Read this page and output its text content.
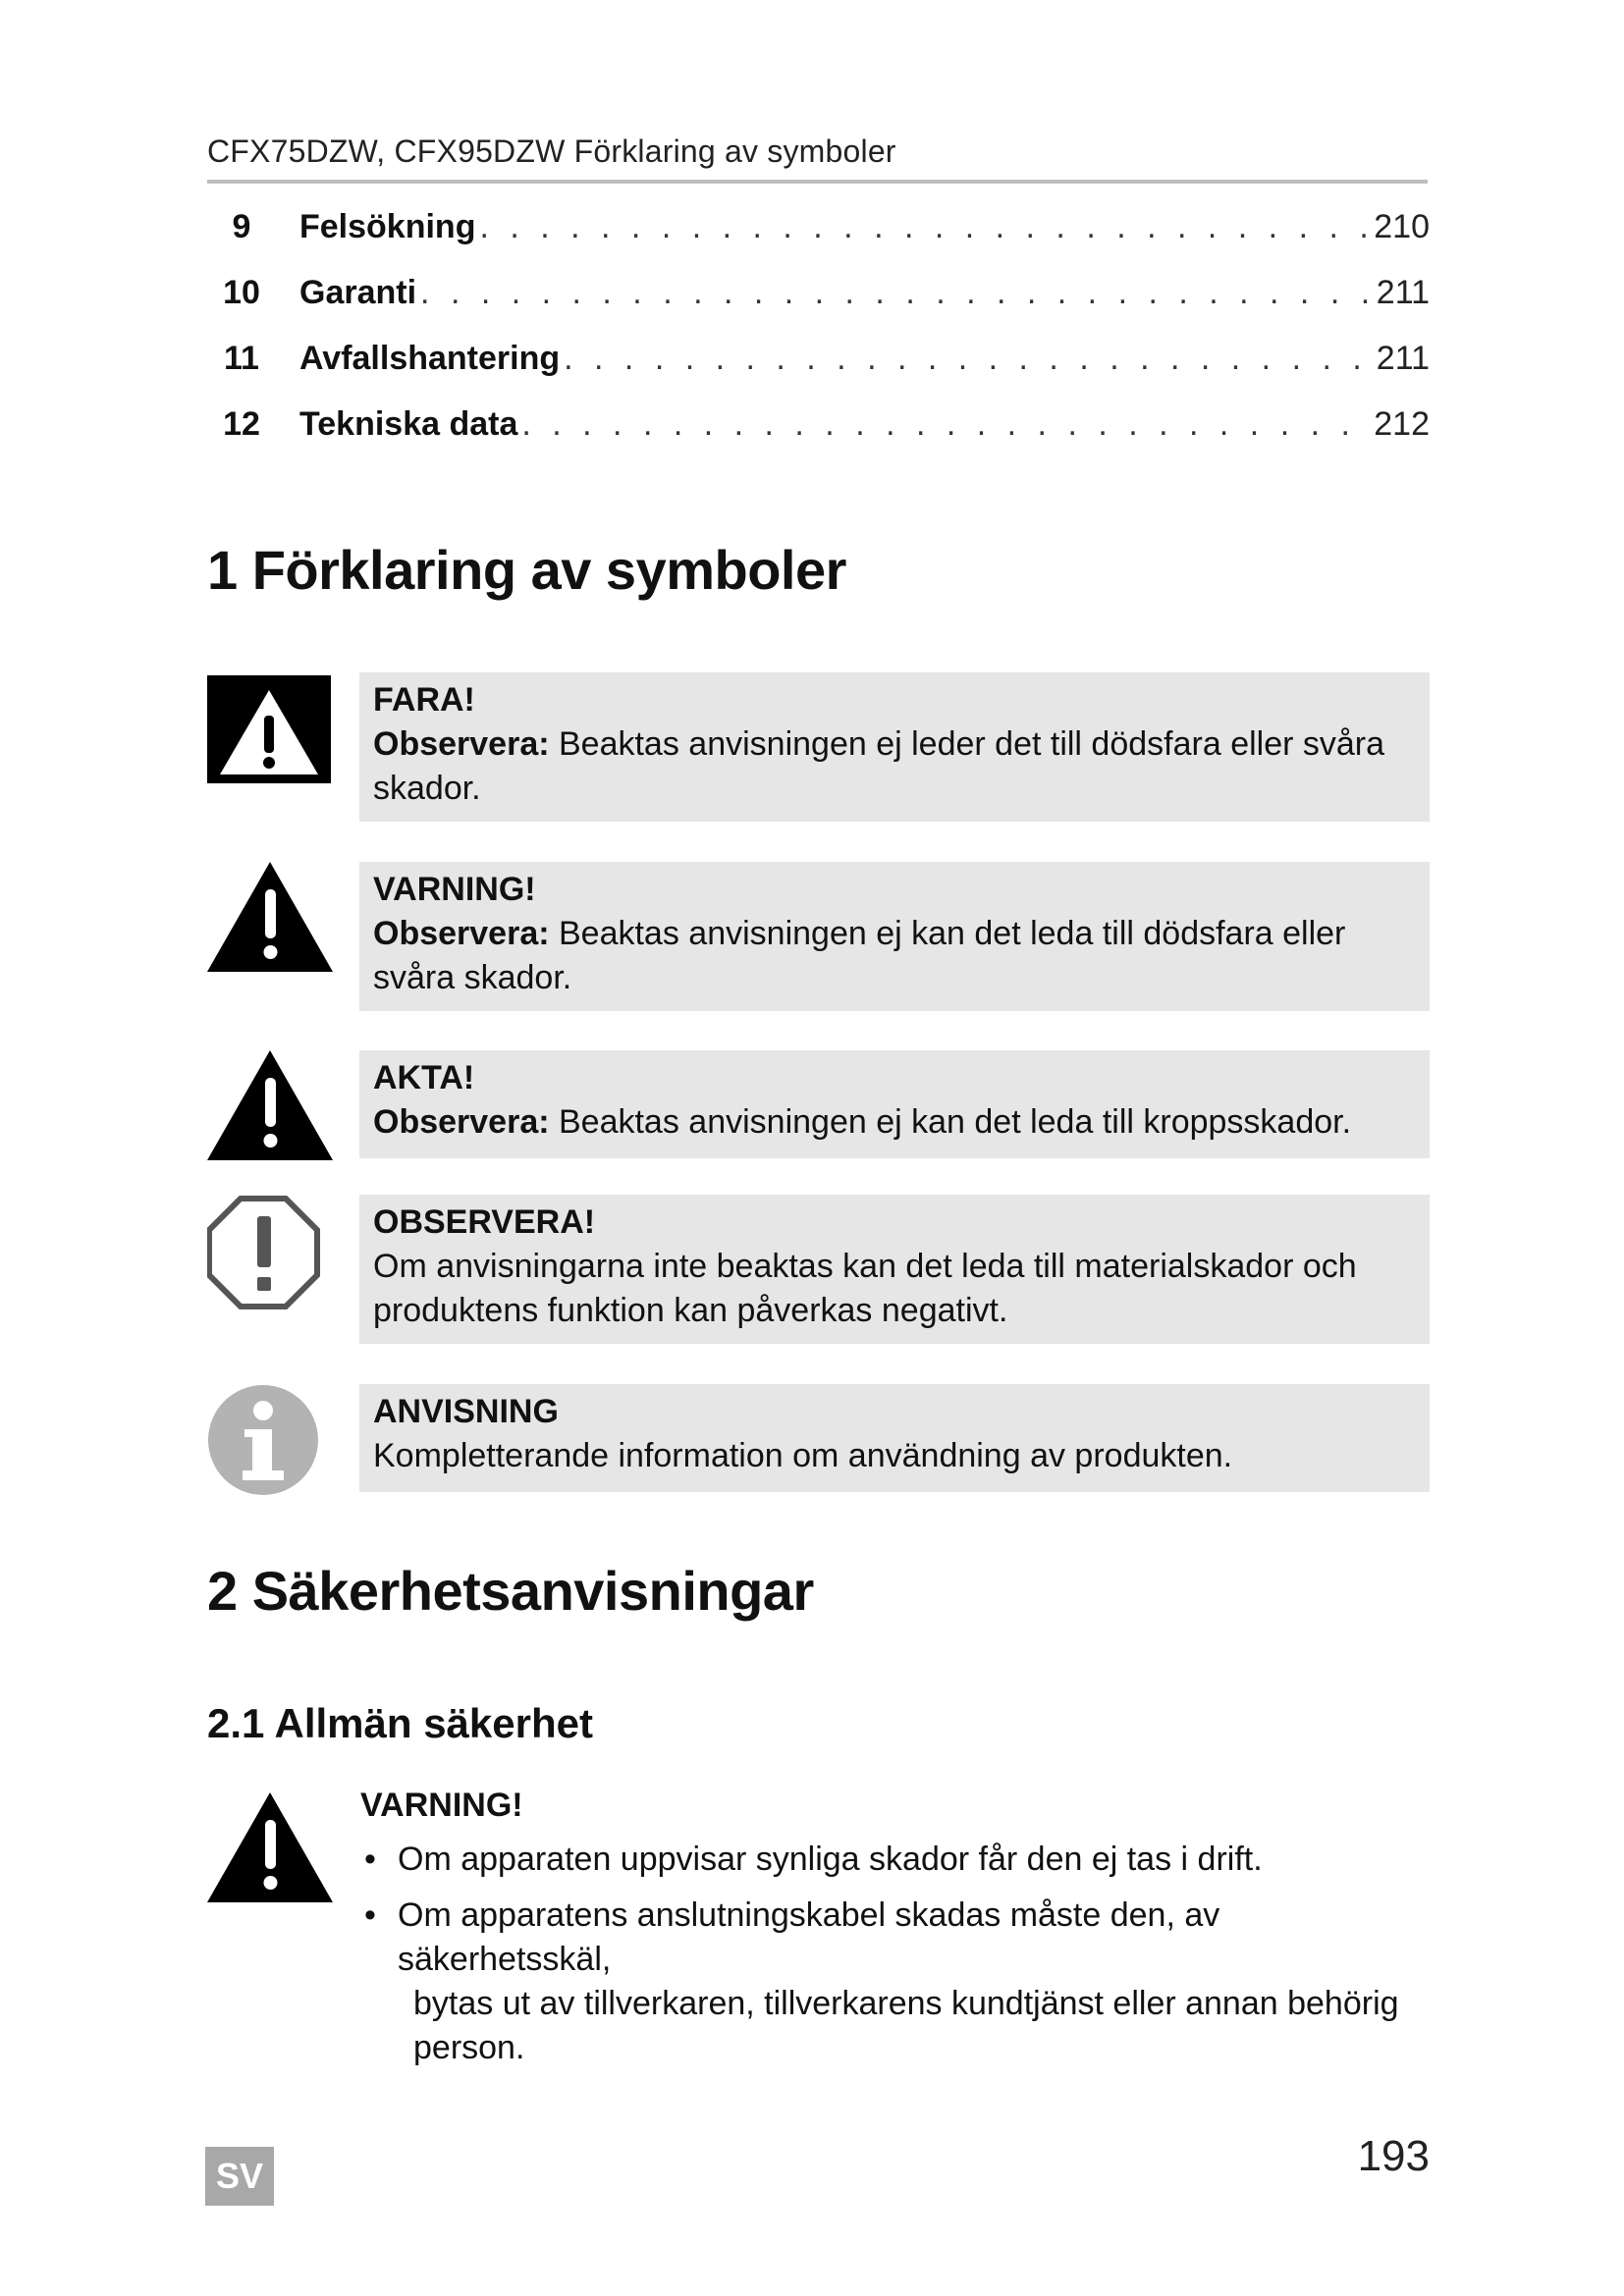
CFX75DZW, CFX95DZW Förklaring av symboler
9	Felsökning . . .	210
10	Garanti . . .	211
11	Avfallshantering . . .	211
12	Tekniska data . . .	212
1 Förklaring av symboler
FARA!
Observera: Beaktas anvisningen ej leder det till dödsfara eller svåra skador.
VARNING!
Observera: Beaktas anvisningen ej kan det leda till dödsfara eller svåra skador.
AKTA!
Observera: Beaktas anvisningen ej kan det leda till kroppsskador.
OBSERVERA!
Om anvisningarna inte beaktas kan det leda till materialskador och produktens funktion kan påverkas negativt.
ANVISNING
Kompletterande information om användning av produkten.
2 Säkerhetsanvisningar
2.1 Allmän säkerhet
VARNING!
• Om apparaten uppvisar synliga skador får den ej tas i drift.
• Om apparatens anslutningskabel skadas måste den, av säkerhetsskäl,
bytas ut av tillverkaren, tillverkarens kundtjänst eller annan behörig
person.
SV	193
